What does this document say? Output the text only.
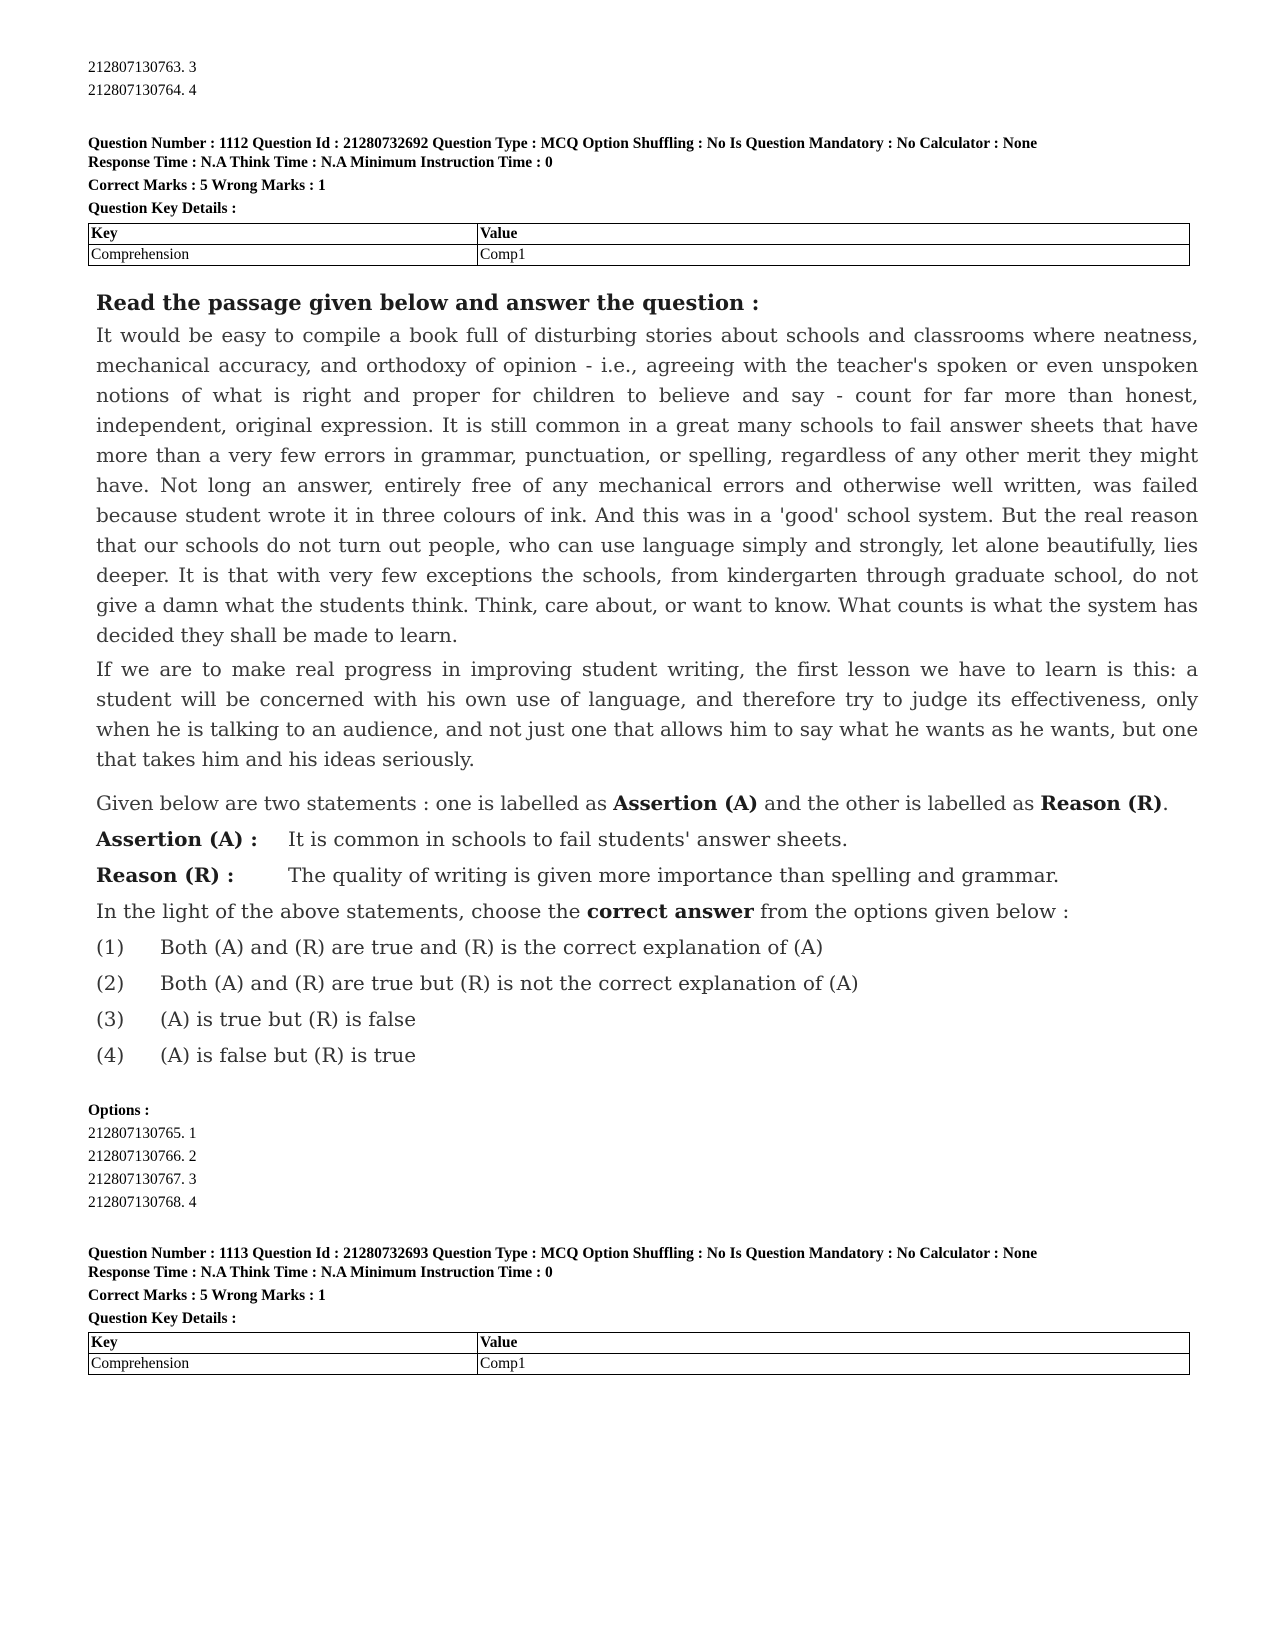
212807130763. 3
212807130764. 4
Question Number : 1112 Question Id : 21280732692 Question Type : MCQ Option Shuffling : No Is Question Mandatory : No Calculator : None
Response Time : N.A Think Time : N.A Minimum Instruction Time : 0
Correct Marks : 5 Wrong Marks : 1
Question Key Details :
Key	Value
Comprehension	Comp1

Read the passage given below and answer the question :

It would be easy to compile a book full of disturbing stories about schools and classrooms where neatness, mechanical accuracy, and orthodoxy of opinion - i.e., agreeing with the teacher's spoken or even unspoken notions of what is right and proper for children to believe and say - count for far more than honest, independent, original expression. It is still common in a great many schools to fail answer sheets that have more than a very few errors in grammar, punctuation, or spelling, regardless of any other merit they might have. Not long an answer, entirely free of any mechanical errors and otherwise well written, was failed because student wrote it in three colours of ink. And this was in a 'good' school system. But the real reason that our schools do not turn out people, who can use language simply and strongly, let alone beautifully, lies deeper. It is that with very few exceptions the schools, from kindergarten through graduate school, do not give a damn what the students think. Think, care about, or want to know. What counts is what the system has decided they shall be made to learn.

If we are to make real progress in improving student writing, the first lesson we have to learn is this: a student will be concerned with his own use of language, and therefore try to judge its effectiveness, only when he is talking to an audience, and not just one that allows him to say what he wants as he wants, but one that takes him and his ideas seriously.

Given below are two statements : one is labelled as Assertion (A) and the other is labelled as Reason (R).

Assertion (A) : It is common in schools to fail students' answer sheets.

Reason (R) :	The quality of writing is given more importance than spelling and grammar.

In the light of the above statements, choose the correct answer from the options given below :

(1) Both (A) and (R) are true and (R) is the correct explanation of (A)

(2) Both (A) and (R) are true but (R) is not the correct explanation of (A)

(3) (A) is true but (R) is false

(4) (A) is false but (R) is true

Options :
212807130765. 1
212807130766. 2
212807130767. 3
212807130768. 4
Question Number : 1113 Question Id : 21280732693 Question Type : MCQ Option Shuffling : No Is Question Mandatory : No Calculator : None
Response Time : N.A Think Time : N.A Minimum Instruction Time : 0
Correct Marks : 5 Wrong Marks : 1
Question Key Details :
Key	Value
Comprehension	Comp1
